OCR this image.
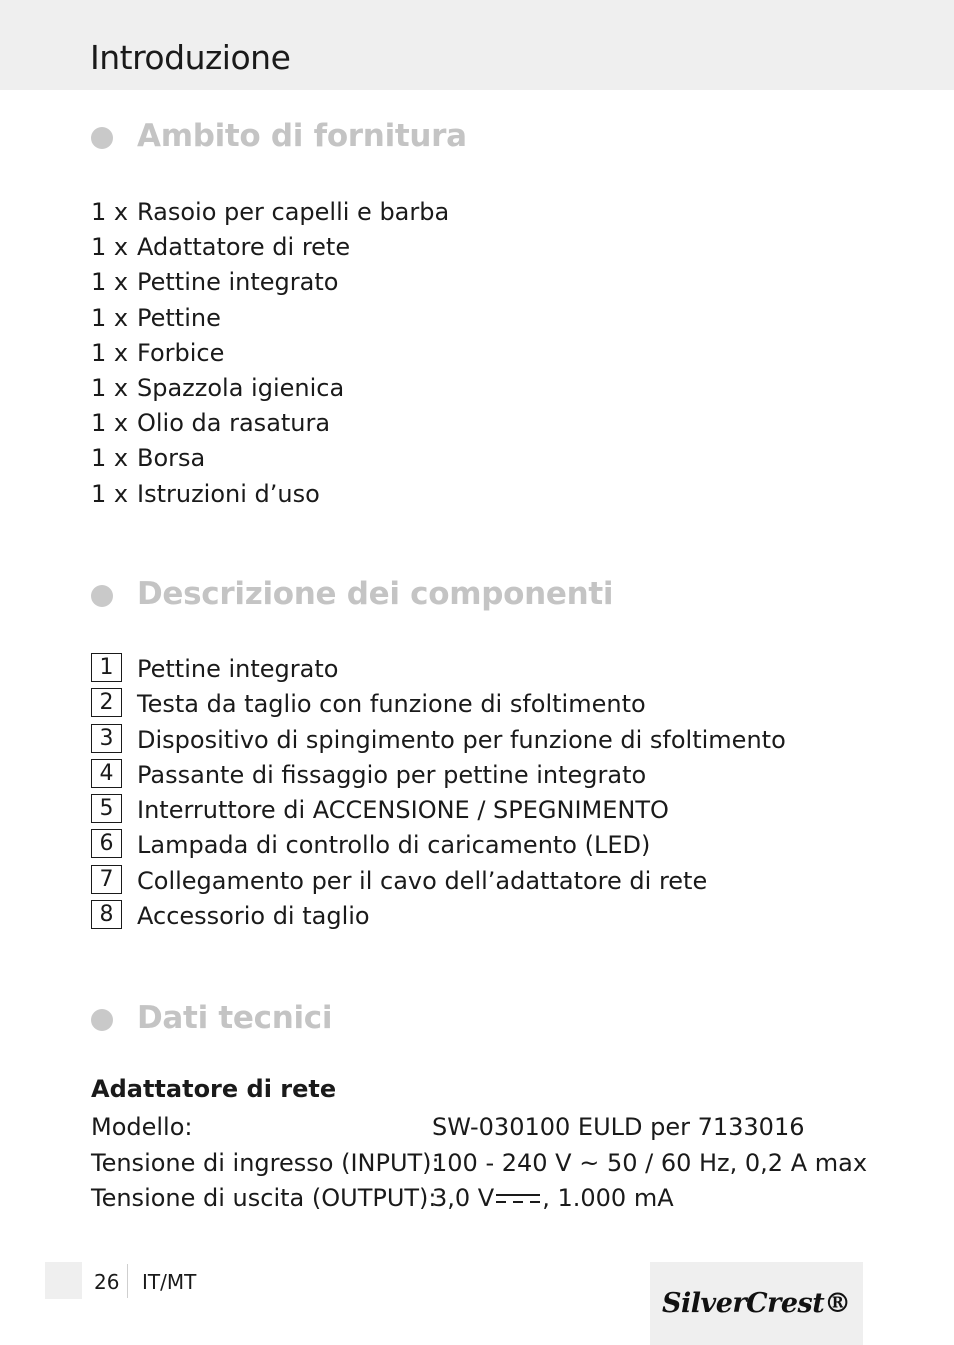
Introduzione
Ambito di fornitura
1 x Rasoio per capelli e barba
1 x Adattatore di rete
1 x Pettine integrato
1 x Pettine
1 x Forbice
1 x Spazzola igienica
1 x Olio da rasatura
1 x Borsa
1 x Istruzioni d’uso
Descrizione dei componenti
1 Pettine integrato
2 Testa da taglio con funzione di sfoltimento
3 Dispositivo di spingimento per funzione di sfoltimento
4 Passante di fissaggio per pettine integrato
5 Interruttore di ACCENSIONE / SPEGNIMENTO
6 Lampada di controllo di caricamento (LED)
7 Collegamento per il cavo dell’adattatore di rete
8 Accessorio di taglio
Dati tecnici
Adattatore di rete
Modello:	SW-030100 EULD per 7133016
Tensione di ingresso (INPUT):
100 - 240 V ~ 50 / 60 Hz, 0,2 A max
Tensione di uscita (OUTPUT):
3,0 V , 1.000 mA
26 IT/MT
SilverCrest®
